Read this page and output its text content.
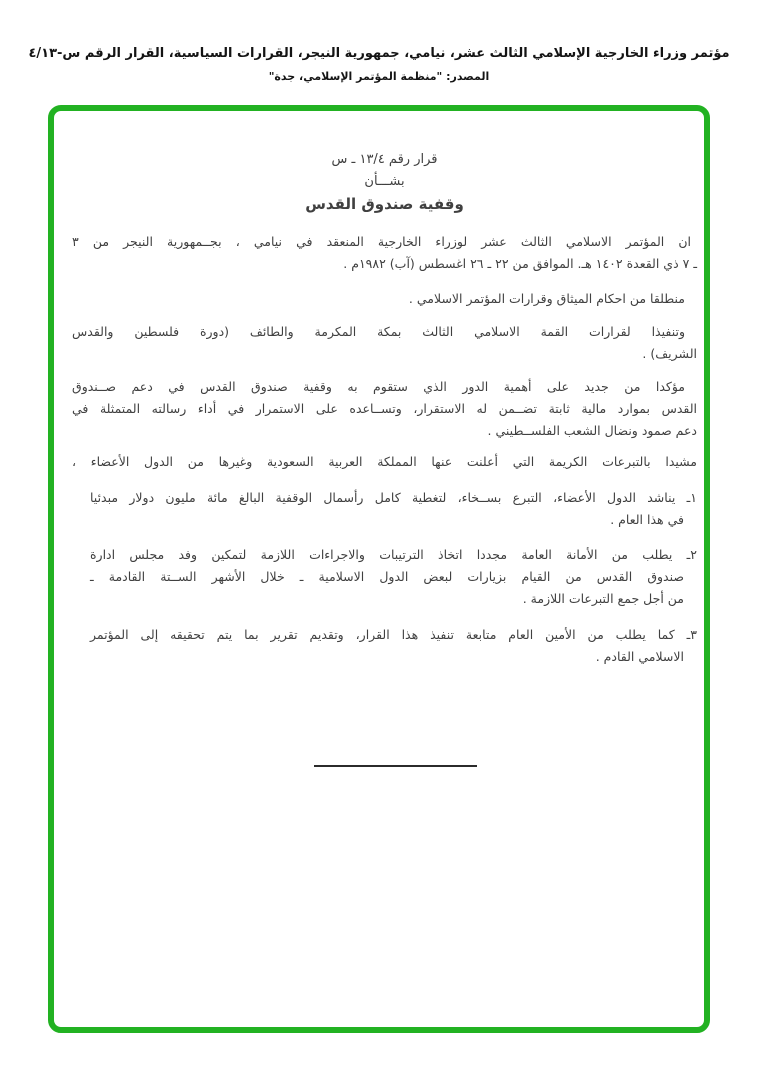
مؤتمر وزراء الخارجية الإسلامي الثالث عشر، نيامي، جمهورية النيجر، القرارات السياسية، القرار الرقم س-٤/١٣
المصدر: "منظمة المؤتمر الإسلامي، جدة"
قرار رقم ١٣/٤ ـ س
بشـــأن
وقفية صندوق القدس
ان المؤتمر الاسلامي الثالث عشر لوزراء الخارجية المنعقد في نيامي ، بجــمهورية النيجر من ٣
ـ ٧ ذي القعدة ١٤٠٢ هـ. الموافق من ٢٢ ـ ٢٦ اغسطس (آب) ١٩٨٢م .
منطلقا من احكام الميثاق وقرارات المؤتمر الاسلامي .
وتنفيذا لقرارات القمة الاسلامي الثالث بمكة المكرمة والطائف (دورة فلسطين والقدس
الشريف) .
مؤكدا من جديد على أهمية الدور الذي ستقوم به وقفية صندوق القدس في دعم صــندوق
القدس بموارد مالية ثابتة تضــمن له الاستقرار، وتســاعده على الاستمرار في أداء رسالته المتمثلة في
دعم صمود ونضال الشعب الفلســطيني .
مشيدا بالتبرعات الكريمة التي أعلنت عنها المملكة العربية السعودية وغيرها من الدول الأعضاء ،
١ـ يناشد الدول الأعضاء، التبرع بســخاء، لتغطية كامل رأسمال الوقفية البالغ مائة مليون دولار مبدئيا
في هذا العام .
٢ـ يطلب من الأمانة العامة مجددا اتخاذ الترتيبات والاجراءات اللازمة لتمكين وفد مجلس ادارة
صندوق القدس من القيام بزيارات لبعض الدول الاسلامية ـ خلال الأشهر الســتة القادمة ـ
من أجل جمع التبرعات اللازمة .
٣ـ كما يطلب من الأمين العام متابعة تنفيذ هذا القرار، وتقديم تقرير بما يتم تحقيقه إلى المؤتمر
الاسلامي القادم .
